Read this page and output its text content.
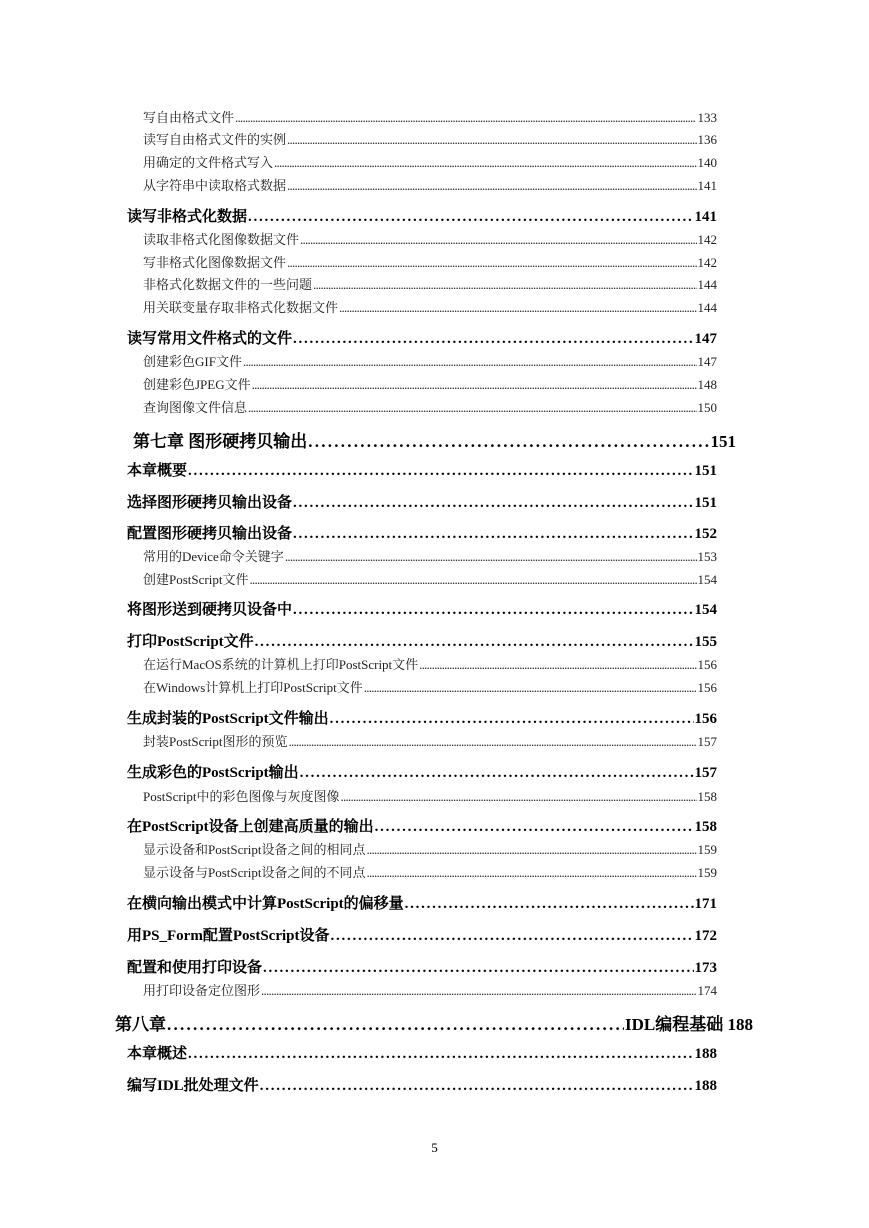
写自由格式文件 . . .	133
读写自由格式文件的实例 . . .	136
用确定的文件格式写入 . . .	140
从字符串中读取格式数据 . . .	141
读写非格式化数据 . . .	141
读取非格式化图像数据文件 . . .	142
写非格式化图像数据文件 . . .	142
非格式化数据文件的一些问题 . . .	144
用关联变量存取非格式化数据文件 . . .	144
读写常用文件格式的文件 . . .	147
创建彩色GIF文件 . . .	147
创建彩色JPEG文件 . . .	148
查询图像文件信息 . . .	150
第七章 图形硬拷贝输出 . . .	151
本章概要 . . .	151
选择图形硬拷贝输出设备 . . .	151
配置图形硬拷贝输出设备 . . .	152
常用的Device命令关键字 . . .	153
创建PostScript文件 . . .	154
将图形送到硬拷贝设备中 . . .	154
打印PostScript文件 . . .	155
在运行MacOS系统的计算机上打印PostScript文件 . . .	156
在Windows计算机上打印PostScript文件 . . .	156
生成封装的PostScript文件输出 . . .	156
封装PostScript图形的预览 . . .	157
生成彩色的PostScript输出 . . .	157
PostScript中的彩色图像与灰度图像 . . .	158
在PostScript设备上创建高质量的输出 . . .	158
显示设备和PostScript设备之间的相同点 . . .	159
显示设备与PostScript设备之间的不同点 . . .	159
在横向输出模式中计算PostScript的偏移量 . . .	171
用PS_Form配置PostScript设备 . . .	172
配置和使用打印设备 . . .	173
用打印设备定位图形 . . .	174
第八章 . . .	IDL编程基础 188
本章概述 . . .	188
编写IDL批处理文件 . . .	188
5
